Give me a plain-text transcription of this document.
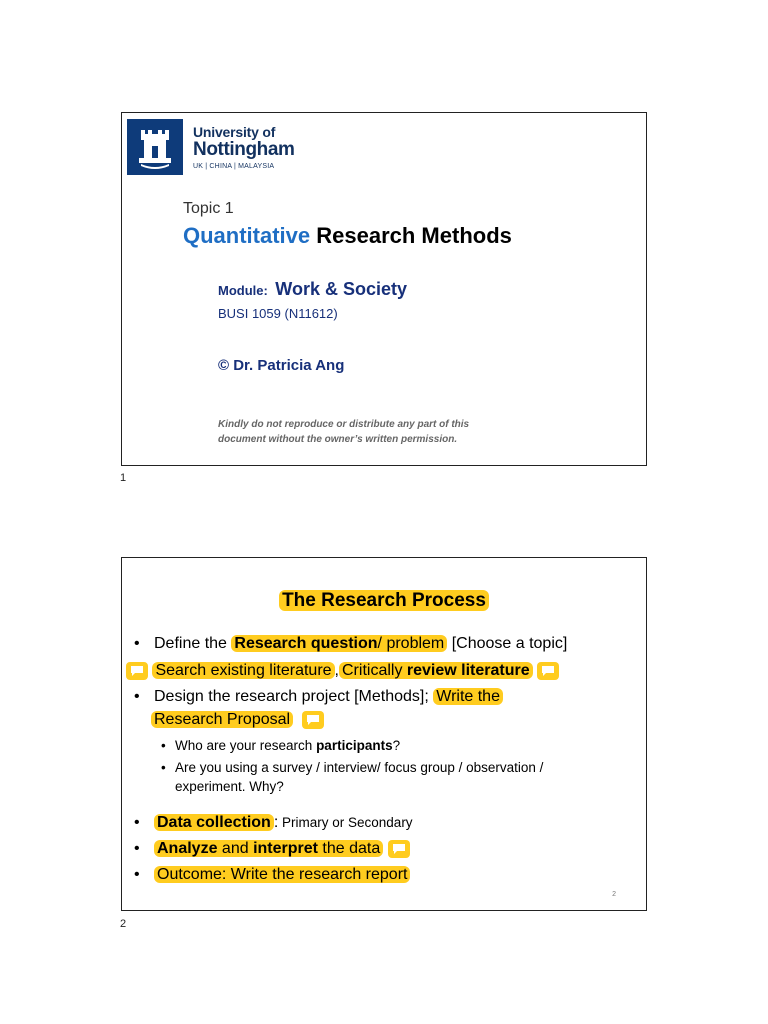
University of
Nottingham
UK | CHINA | MALAYSIA
Topic 1
Quantitative Research Methods
Module: Work & Society
BUSI 1059 (N11612)
© Dr. Patricia Ang
Kindly do not reproduce or distribute any part of this document without the owner’s written permission.
1
The Research Process
• Define the Research question/ problem [Choose a topic]
Search existing literature , Critically review literature
• Design the research project [Methods]; Write the
Research Proposal
• Who are your research participants?
• Are you using a survey / interview/ focus group / observation /
experiment. Why?
• Data collection : Primary or Secondary
• Analyze and interpret the data
• Outcome: Write the research report
2
2
